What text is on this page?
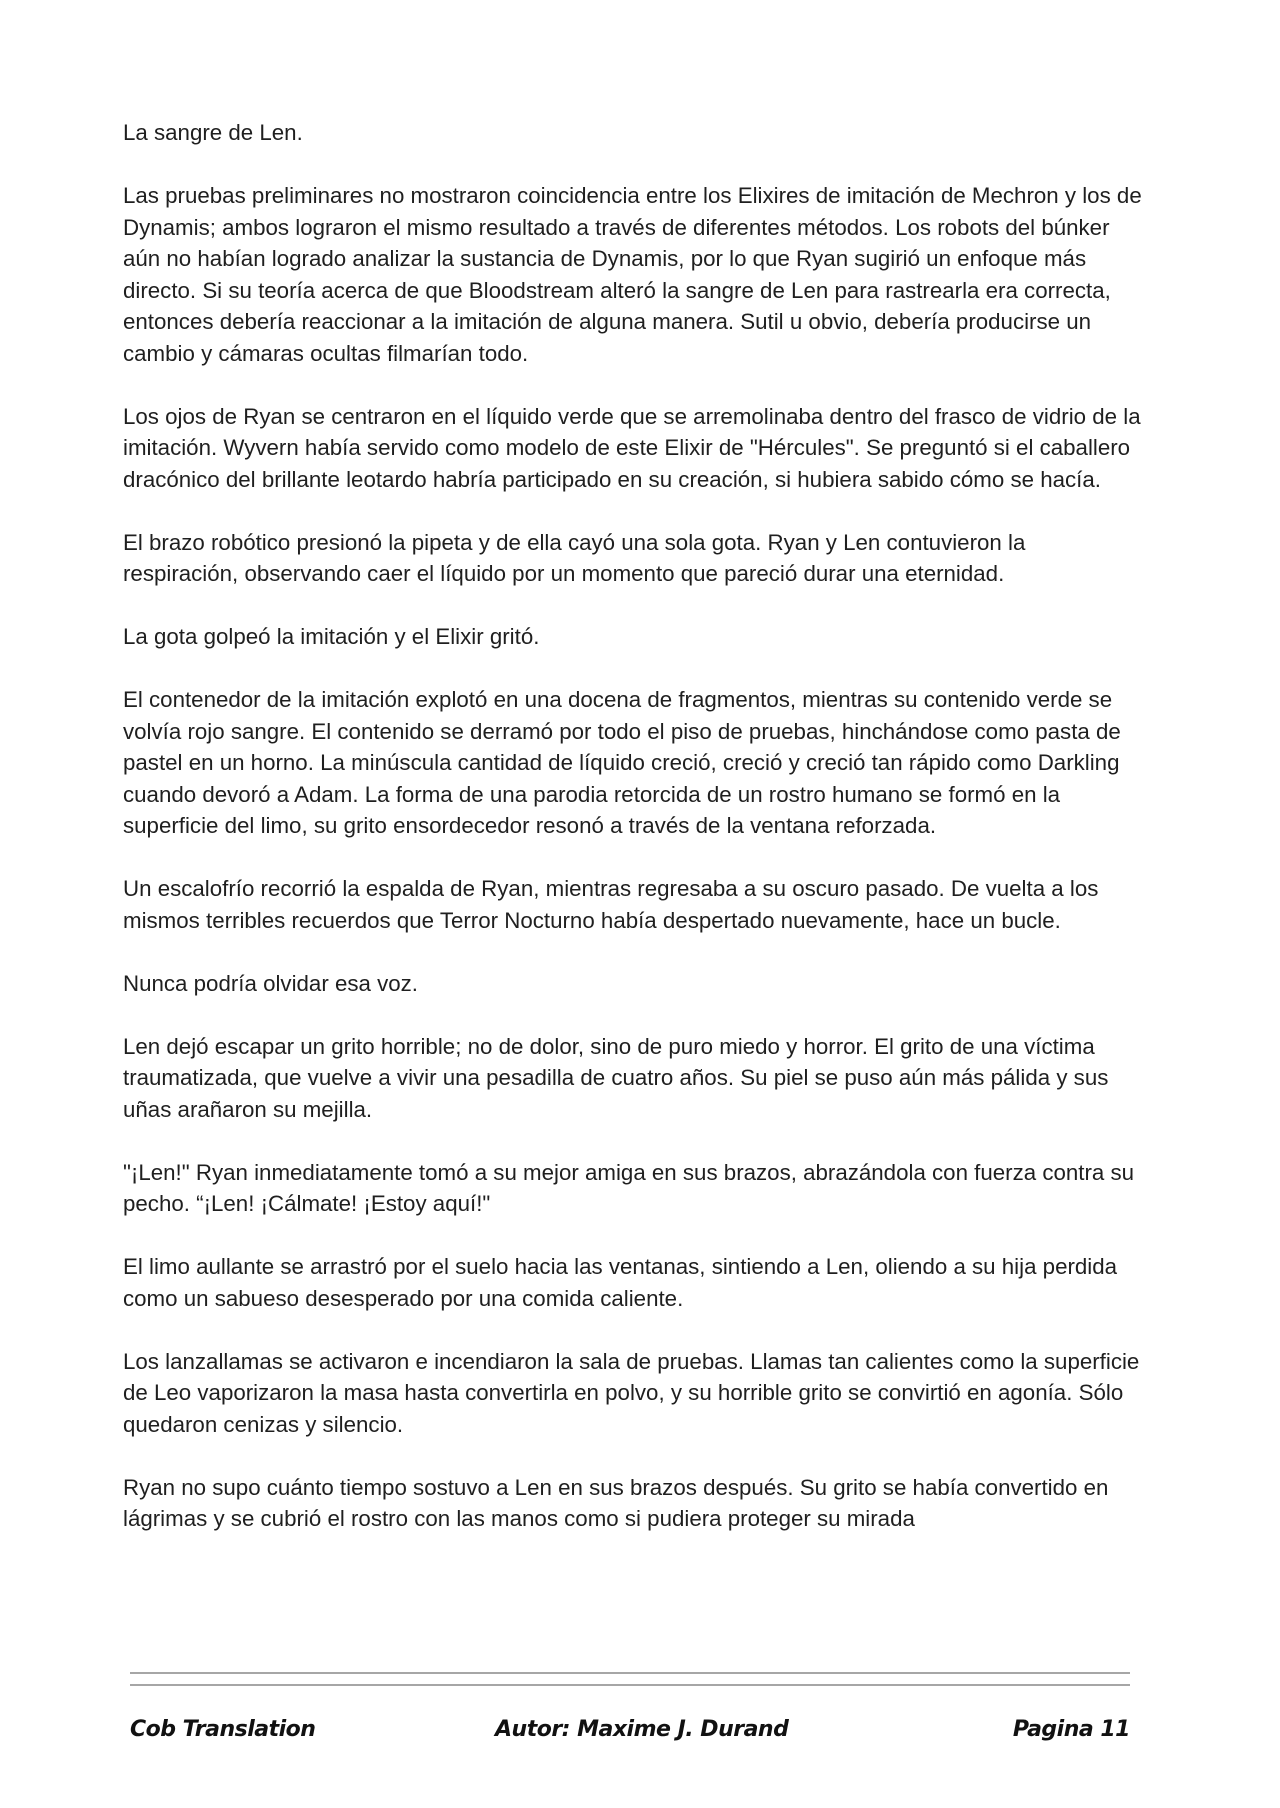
La sangre de Len.

Las pruebas preliminares no mostraron coincidencia entre los Elixires de imitación de Mechron y los de Dynamis; ambos lograron el mismo resultado a través de diferentes métodos. Los robots del búnker aún no habían logrado analizar la sustancia de Dynamis, por lo que Ryan sugirió un enfoque más directo. Si su teoría acerca de que Bloodstream alteró la sangre de Len para rastrearla era correcta, entonces debería reaccionar a la imitación de alguna manera. Sutil u obvio, debería producirse un cambio y cámaras ocultas filmarían todo.

Los ojos de Ryan se centraron en el líquido verde que se arremolinaba dentro del frasco de vidrio de la imitación. Wyvern había servido como modelo de este Elixir de "Hércules". Se preguntó si el caballero dracónico del brillante leotardo habría participado en su creación, si hubiera sabido cómo se hacía.

El brazo robótico presionó la pipeta y de ella cayó una sola gota. Ryan y Len contuvieron la respiración, observando caer el líquido por un momento que pareció durar una eternidad.

La gota golpeó la imitación y el Elixir gritó.

El contenedor de la imitación explotó en una docena de fragmentos, mientras su contenido verde se volvía rojo sangre. El contenido se derramó por todo el piso de pruebas, hinchándose como pasta de pastel en un horno. La minúscula cantidad de líquido creció, creció y creció tan rápido como Darkling cuando devoró a Adam. La forma de una parodia retorcida de un rostro humano se formó en la superficie del limo, su grito ensordecedor resonó a través de la ventana reforzada.

Un escalofrío recorrió la espalda de Ryan, mientras regresaba a su oscuro pasado. De vuelta a los mismos terribles recuerdos que Terror Nocturno había despertado nuevamente, hace un bucle.

Nunca podría olvidar esa voz.

Len dejó escapar un grito horrible; no de dolor, sino de puro miedo y horror. El grito de una víctima traumatizada, que vuelve a vivir una pesadilla de cuatro años. Su piel se puso aún más pálida y sus uñas arañaron su mejilla.

"¡Len!" Ryan inmediatamente tomó a su mejor amiga en sus brazos, abrazándola con fuerza contra su pecho. “¡Len! ¡Cálmate! ¡Estoy aquí!"

El limo aullante se arrastró por el suelo hacia las ventanas, sintiendo a Len, oliendo a su hija perdida como un sabueso desesperado por una comida caliente.

Los lanzallamas se activaron e incendiaron la sala de pruebas. Llamas tan calientes como la superficie de Leo vaporizaron la masa hasta convertirla en polvo, y su horrible grito se convirtió en agonía. Sólo quedaron cenizas y silencio.

Ryan no supo cuánto tiempo sostuvo a Len en sus brazos después. Su grito se había convertido en lágrimas y se cubrió el rostro con las manos como si pudiera proteger su mirada

Cob Translation	Autor: Maxime J. Durand	Pagina 11
